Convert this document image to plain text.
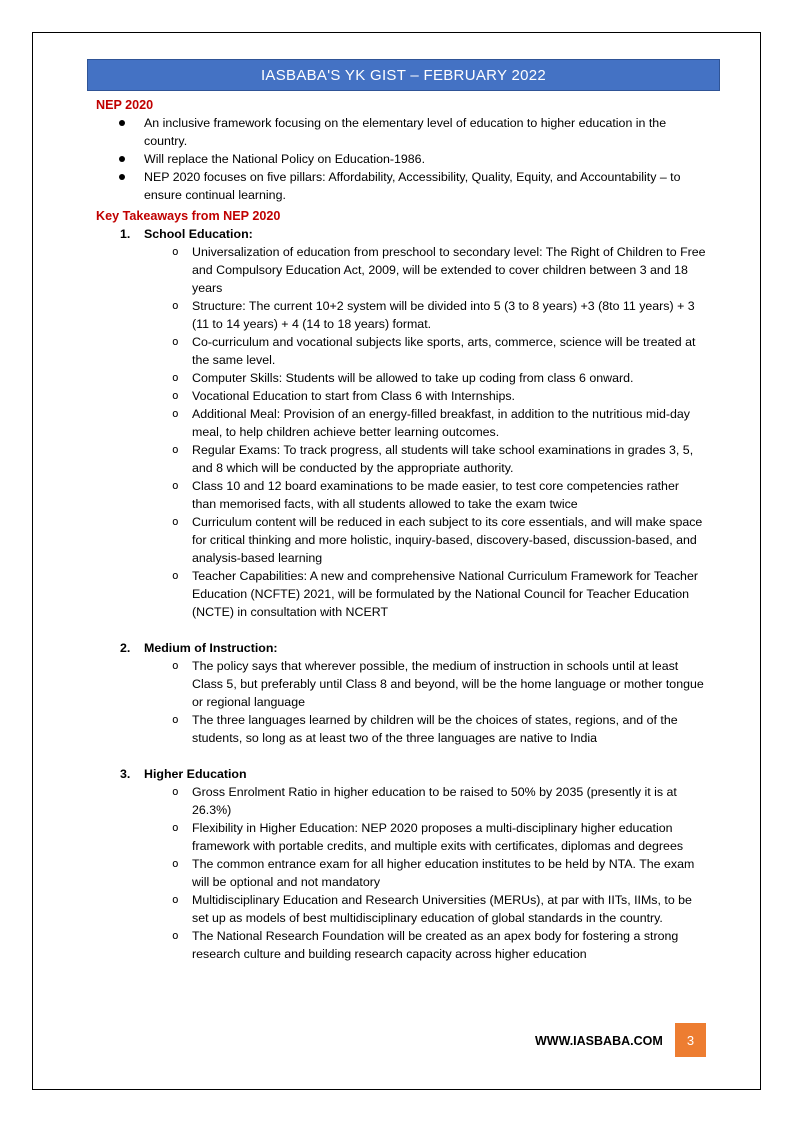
IASBABA'S YK GIST – FEBRUARY 2022
NEP 2020
An inclusive framework focusing on the elementary level of education to higher education in the country.
Will replace the National Policy on Education-1986.
NEP 2020 focuses on five pillars: Affordability, Accessibility, Quality, Equity, and Accountability – to ensure continual learning.
Key Takeaways from NEP 2020
1. School Education:
o Universalization of education from preschool to secondary level: The Right of Children to Free and Compulsory Education Act, 2009, will be extended to cover children between 3 and 18 years
o Structure: The current 10+2 system will be divided into 5 (3 to 8 years) +3 (8to 11 years) + 3 (11 to 14 years) + 4 (14 to 18 years) format.
o Co-curriculum and vocational subjects like sports, arts, commerce, science will be treated at the same level.
o Computer Skills: Students will be allowed to take up coding from class 6 onward.
o Vocational Education to start from Class 6 with Internships.
o Additional Meal: Provision of an energy-filled breakfast, in addition to the nutritious mid-day meal, to help children achieve better learning outcomes.
o Regular Exams: To track progress, all students will take school examinations in grades 3, 5, and 8 which will be conducted by the appropriate authority.
o Class 10 and 12 board examinations to be made easier, to test core competencies rather than memorised facts, with all students allowed to take the exam twice
o Curriculum content will be reduced in each subject to its core essentials, and will make space for critical thinking and more holistic, inquiry-based, discovery-based, discussion-based, and analysis-based learning
o Teacher Capabilities: A new and comprehensive National Curriculum Framework for Teacher Education (NCFTE) 2021, will be formulated by the National Council for Teacher Education (NCTE) in consultation with NCERT
2. Medium of Instruction:
o The policy says that wherever possible, the medium of instruction in schools until at least Class 5, but preferably until Class 8 and beyond, will be the home language or mother tongue or regional language
o The three languages learned by children will be the choices of states, regions, and of the students, so long as at least two of the three languages are native to India
3. Higher Education
o Gross Enrolment Ratio in higher education to be raised to 50% by 2035 (presently it is at 26.3%)
o Flexibility in Higher Education: NEP 2020 proposes a multi-disciplinary higher education framework with portable credits, and multiple exits with certificates, diplomas and degrees
o The common entrance exam for all higher education institutes to be held by NTA. The exam will be optional and not mandatory
o Multidisciplinary Education and Research Universities (MERUs), at par with IITs, IIMs, to be set up as models of best multidisciplinary education of global standards in the country.
o The National Research Foundation will be created as an apex body for fostering a strong research culture and building research capacity across higher education
WWW.IASBABA.COM 3
